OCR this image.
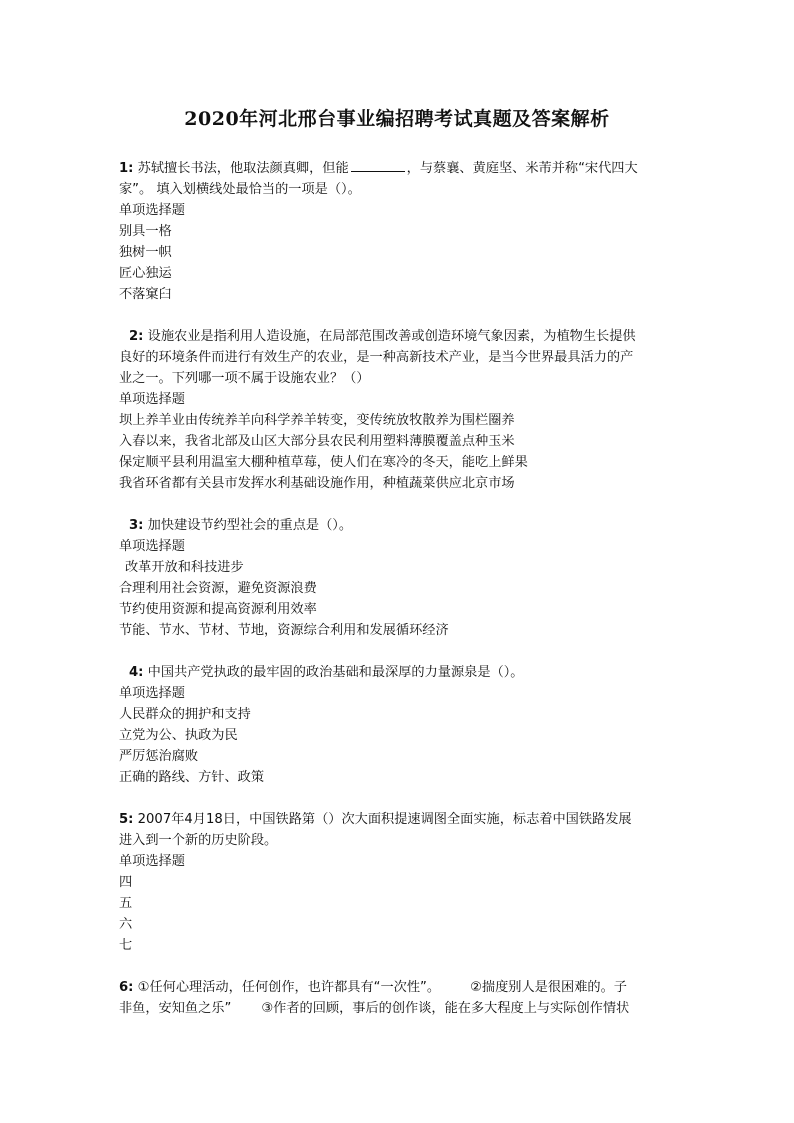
2020年河北邢台事业编招聘考试真题及答案解析

1: 苏轼擅长书法，他取法颜真卿，但能	，与蔡襄、黄庭坚、米芾并称“宋代四大

家”。 填入划横线处最恰当的一项是（）。

单项选择题

别具一格

独树一帜

匠心独运

不落窠臼

2: 设施农业是指利用人造设施，在局部范围改善或创造环境气象因素，为植物生长提供

良好的环境条件而进行有效生产的农业，是一种高新技术产业，是当今世界最具活力的产

业之一。下列哪一项不属于设施农业？（）

单项选择题

坝上养羊业由传统养羊向科学养羊转变，变传统放牧散养为围栏圈养

入春以来，我省北部及山区大部分县农民利用塑料薄膜覆盖点种玉米

保定顺平县利用温室大棚种植草莓，使人们在寒冷的冬天，能吃上鲜果

我省环省都有关县市发挥水利基础设施作用，种植蔬菜供应北京市场

3: 加快建设节约型社会的重点是（）。

单项选择题

改革开放和科技进步

合理利用社会资源，避免资源浪费

节约使用资源和提高资源利用效率

节能、节水、节材、节地，资源综合利用和发展循环经济

4: 中国共产党执政的最牢固的政治基础和最深厚的力量源泉是（）。

单项选择题

人民群众的拥护和支持

立党为公、执政为民

严厉惩治腐败

正确的路线、方针、政策

5: 2007年4月18日，中国铁路第（）次大面积提速调图全面实施，标志着中国铁路发展

进入到一个新的历史阶段。

单项选择题

四

五

六

七

6: ①任何心理活动，任何创作，也许都具有“一次性”。 ②揣度别人是很困难的。子

非鱼，安知鱼之乐” ③作者的回顾，事后的创作谈，能在多大程度上与实际创作情状
